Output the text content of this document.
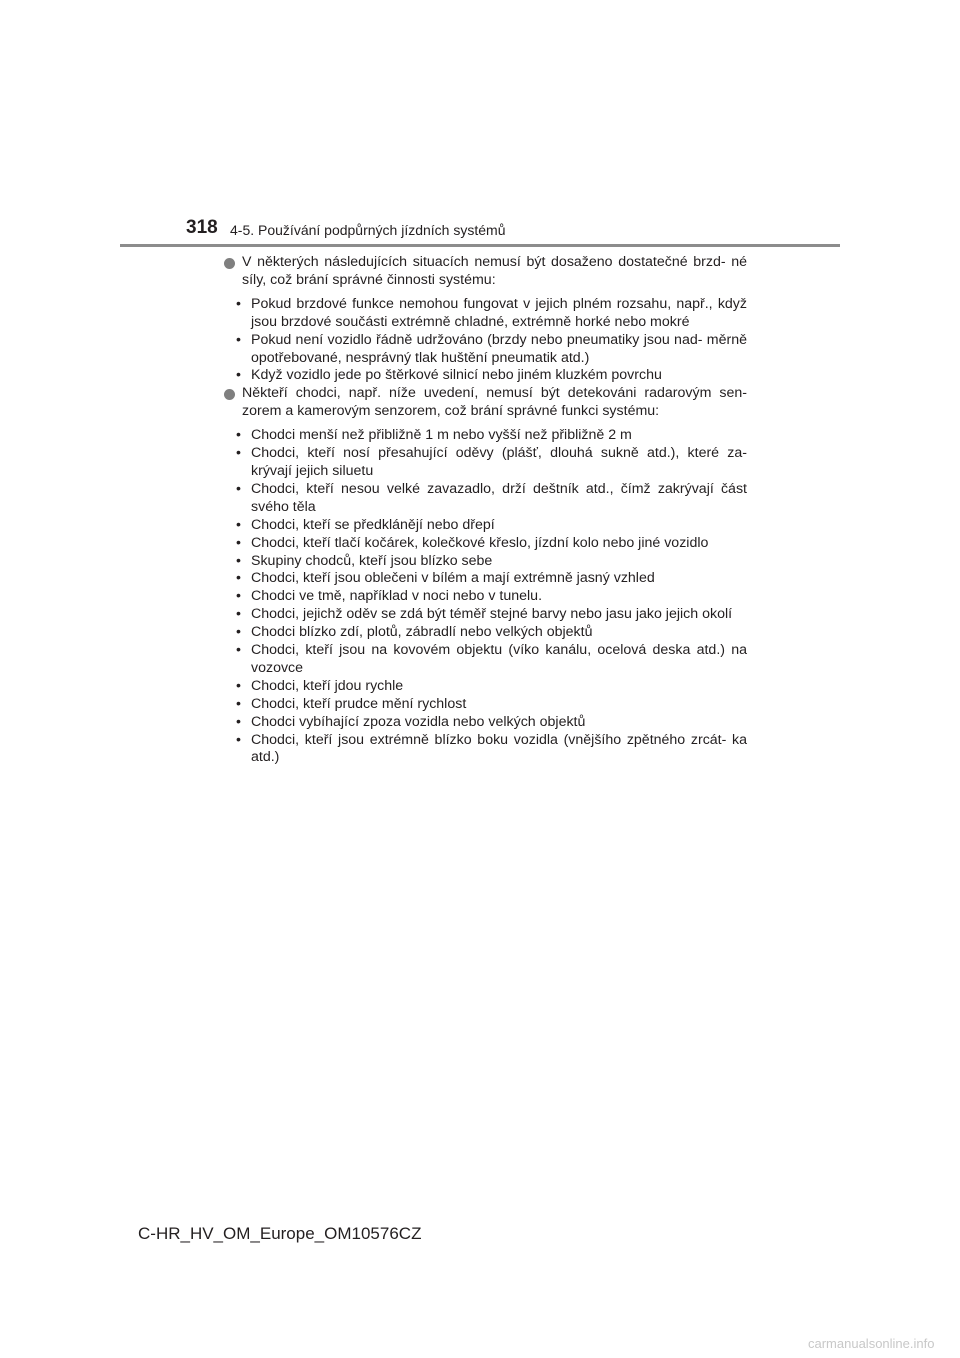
318 4-5. Používání podpůrných jízdních systémů

V některých následujících situacích nemusí být dosaženo dostatečné brzd- né síly, což brání správné činnosti systému:

• Pokud brzdové funkce nemohou fungovat v jejich plném rozsahu, např., když jsou brzdové součásti extrémně chladné, extrémně horké nebo mokré
• Pokud není vozidlo řádně udržováno (brzdy nebo pneumatiky jsou nad- měrně opotřebované, nesprávný tlak huštění pneumatik atd.)
• Když vozidlo jede po štěrkové silnicí nebo jiném kluzkém povrchu

Někteří chodci, např. níže uvedení, nemusí být detekováni radarovým sen- zorem a kamerovým senzorem, což brání správné funkci systému:

• Chodci menší než přibližně 1 m nebo vyšší než přibližně 2 m
• Chodci, kteří nosí přesahující oděvy (plášť, dlouhá sukně atd.), které za- krývají jejich siluetu
• Chodci, kteří nesou velké zavazadlo, drží deštník atd., čímž zakrývají část svého těla
• Chodci, kteří se předklánějí nebo dřepí
• Chodci, kteří tlačí kočárek, kolečkové křeslo, jízdní kolo nebo jiné vozidlo
• Skupiny chodců, kteří jsou blízko sebe
• Chodci, kteří jsou oblečeni v bílém a mají extrémně jasný vzhled
• Chodci ve tmě, například v noci nebo v tunelu.
• Chodci, jejichž oděv se zdá být téměř stejné barvy nebo jasu jako jejich okolí
• Chodci blízko zdí, plotů, zábradlí nebo velkých objektů
• Chodci, kteří jsou na kovovém objektu (víko kanálu, ocelová deska atd.) na vozovce
• Chodci, kteří jdou rychle
• Chodci, kteří prudce mění rychlost
• Chodci vybíhající zpoza vozidla nebo velkých objektů
• Chodci, kteří jsou extrémně blízko boku vozidla (vnějšího zpětného zrcát- ka atd.)
C-HR_HV_OM_Europe_OM10576CZ
carmanualsonline.info
